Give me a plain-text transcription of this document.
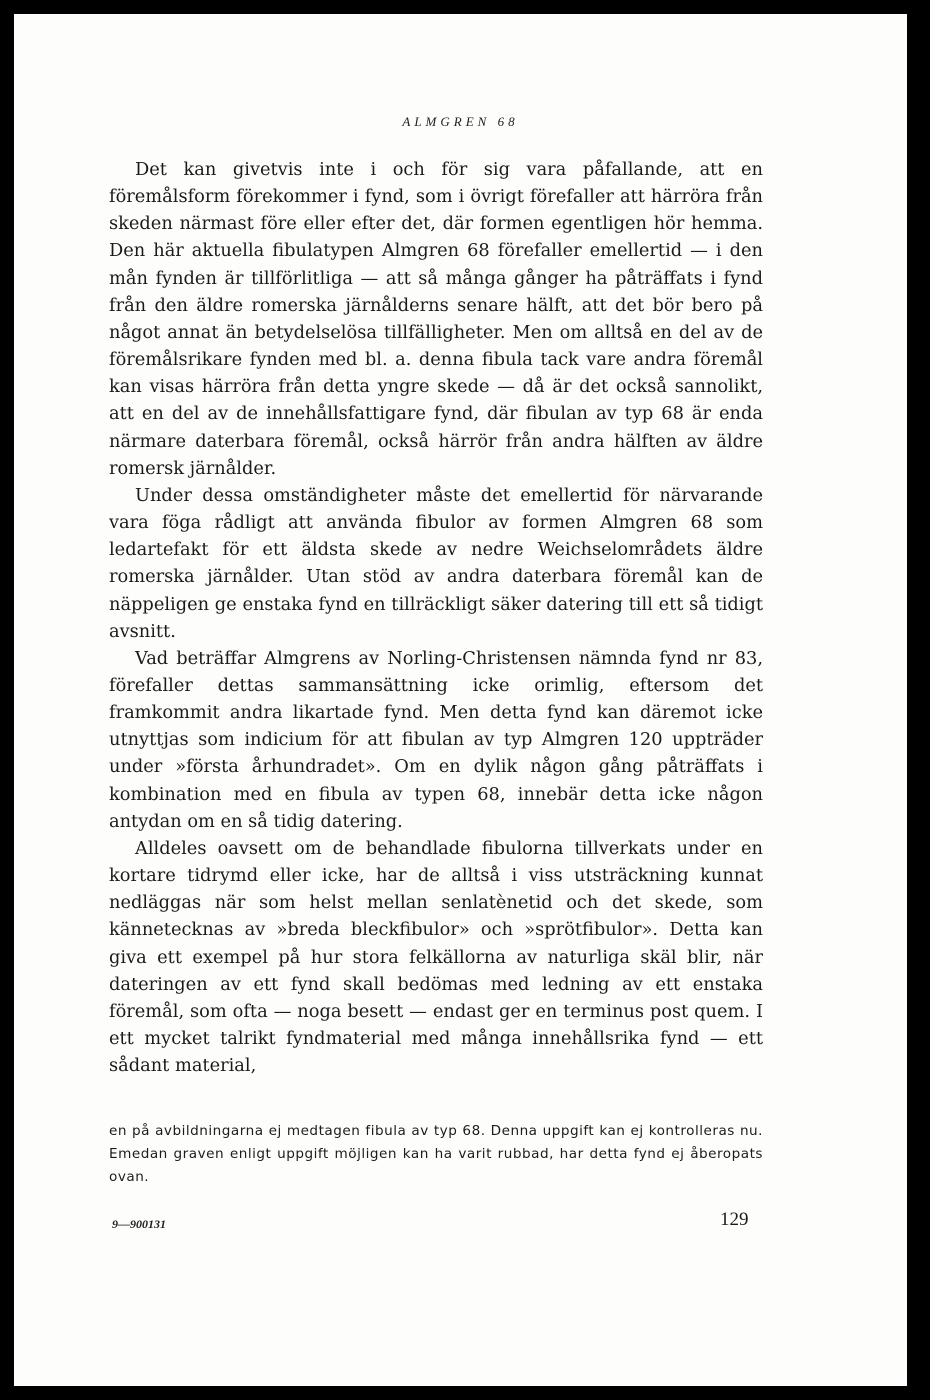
ALMGREN 68

Det kan givetvis inte i och för sig vara påfallande, att en föremålsform förekommer i fynd, som i övrigt förefaller att härröra från skeden närmast före eller efter det, där formen egentligen hör hemma. Den här aktuella fibulatypen Almgren 68 förefaller emellertid — i den mån fynden är tillförlitliga — att så många gånger ha påträffats i fynd från den äldre romerska järnålderns senare hälft, att det bör bero på något annat än betydelselösa tillfälligheter. Men om alltså en del av de föremålsrikare fynden med bl. a. denna fibula tack vare andra föremål kan visas härröra från detta yngre skede — då är det också sannolikt, att en del av de innehållsfattigare fynd, där fibulan av typ 68 är enda närmare daterbara föremål, också härrör från andra hälften av äldre romersk järnålder.

Under dessa omständigheter måste det emellertid för närvarande vara föga rådligt att använda fibulor av formen Almgren 68 som ledartefakt för ett äldsta skede av nedre Weichselområdets äldre romerska järnålder. Utan stöd av andra daterbara föremål kan de näppeligen ge enstaka fynd en tillräckligt säker datering till ett så tidigt avsnitt.

Vad beträffar Almgrens av Norling-Christensen nämnda fynd nr 83, förefaller dettas sammansättning icke orimlig, eftersom det framkommit andra likartade fynd. Men detta fynd kan däremot icke utnyttjas som indicium för att fibulan av typ Almgren 120 uppträder under »första århundradet». Om en dylik någon gång påträffats i kombination med en fibula av typen 68, innebär detta icke någon antydan om en så tidig datering.

Alldeles oavsett om de behandlade fibulorna tillverkats under en kortare tidrymd eller icke, har de alltså i viss utsträckning kunnat nedläggas när som helst mellan senlatènetid och det skede, som kännetecknas av »breda bleckfibulor» och »sprötfibulor». Detta kan giva ett exempel på hur stora felkällorna av naturliga skäl blir, när dateringen av ett fynd skall bedömas med ledning av ett enstaka föremål, som ofta — noga besett — endast ger en terminus post quem. I ett mycket talrikt fyndmaterial med många innehållsrika fynd — ett sådant material,

en på avbildningarna ej medtagen fibula av typ 68. Denna uppgift kan ej kontrolleras nu. Emedan graven enligt uppgift möjligen kan ha varit rubbad, har detta fynd ej åberopats ovan.
9—900131	129
